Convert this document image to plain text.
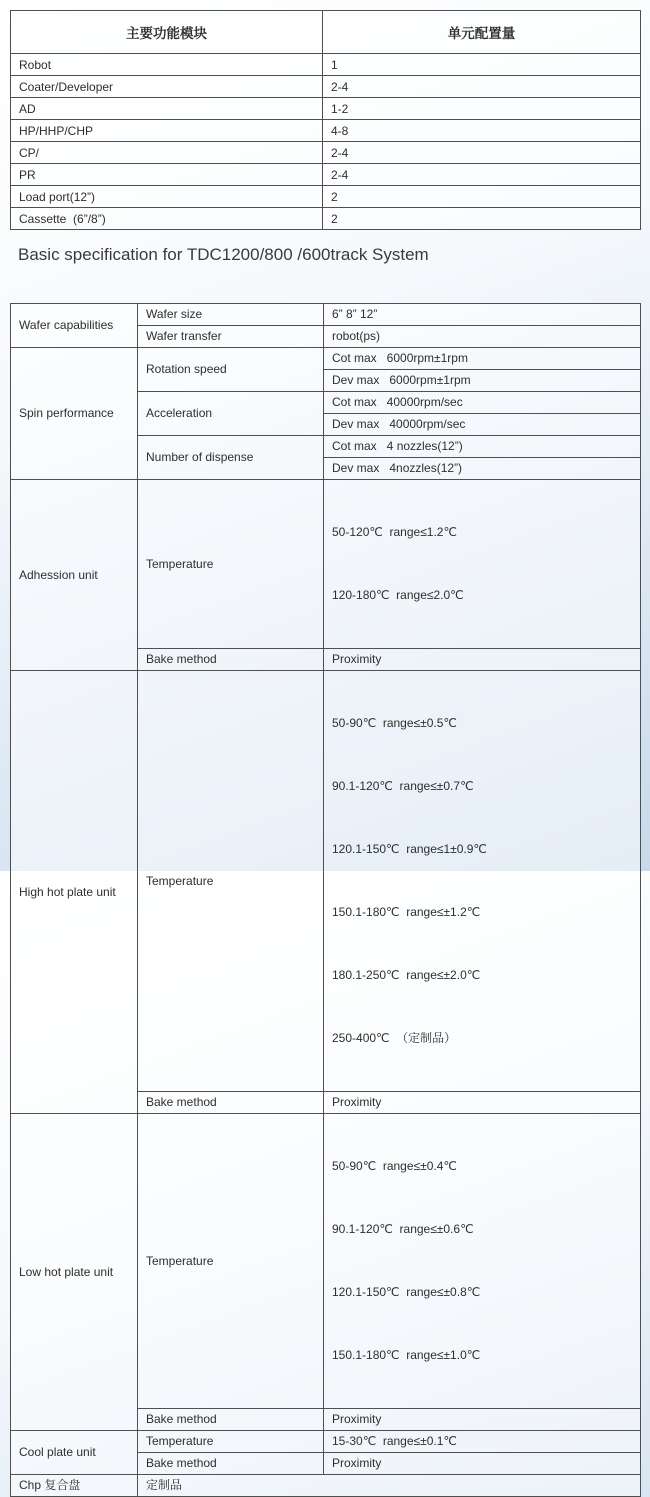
主要功能模块	单元配置量
Robot	1
Coater/Developer	2-4
AD	1-2
HP/HHP/CHP	4-8
CP/	2-4
PR	2-4
Load port(12”)	2
Cassette  (6”/8”)	2
Basic specification for TDC1200/800 /600track System
Wafer capabilities	Wafer size	6” 8” 12”
	Wafer transfer	robot(ps)
Spin performance	Rotation speed	Cot max   6000rpm±1rpm
		Dev max   6000rpm±1rpm
	Acceleration	Cot max   40000rpm/sec
		Dev max   40000rpm/sec
	Number of dispense	Cot max   4 nozzles(12”)
		Dev max   4nozzles(12”)
Adhession unit	Temperature	50-120℃  range≤1.2℃

120-180℃  range≤2.0℃

	Bake method	Proximity
High hot plate unit	Temperature	

50-90℃  range≤±0.5℃

90.1-120℃  range≤±0.7℃

120.1-150℃  range≤1±0.9℃

150.1-180℃  range≤±1.2℃

180.1-250℃  range≤±2.0℃

250-400℃  （定制品）

	Bake method	Proximity
Low hot plate unit	Temperature	50-90℃  range≤±0.4℃

90.1-120℃  range≤±0.6℃

120.1-150℃  range≤±0.8℃

150.1-180℃  range≤±1.0℃

	Bake method	Proximity
Cool plate unit	Temperature	15-30℃  range≤±0.1℃
	Bake method	Proximity
Chp 复合盘	定制品	
